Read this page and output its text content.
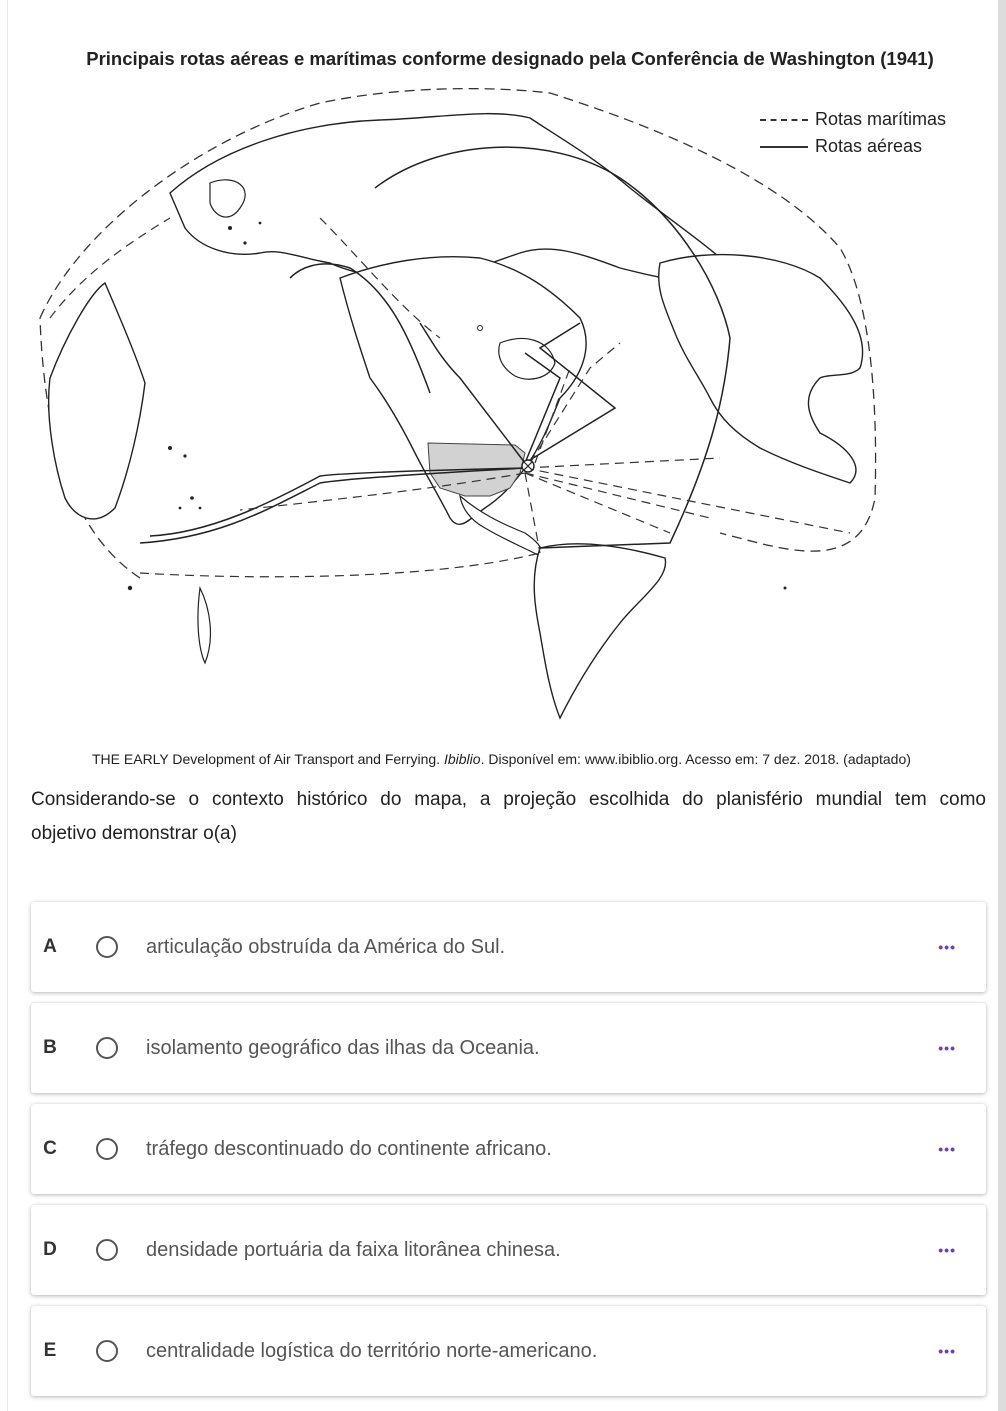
Principais rotas aéreas e marítimas conforme designado pela Conferência de Washington (1941)
Rotas marítimas
Rotas aéreas
THE EARLY Development of Air Transport and Ferrying. Ibiblio. Disponível em: www.ibiblio.org. Acesso em: 7 dez. 2018. (adaptado)
Considerando-se o contexto histórico do mapa, a projeção escolhida do planisfério mundial tem como
objetivo demonstrar o(a)
A	articulação obstruída da América do Sul.	•••
B	isolamento geográfico das ilhas da Oceania.	•••
C	tráfego descontinuado do continente africano.	•••
D	densidade portuária da faixa litorânea chinesa.	•••
E	centralidade logística do território norte-americano.	•••
